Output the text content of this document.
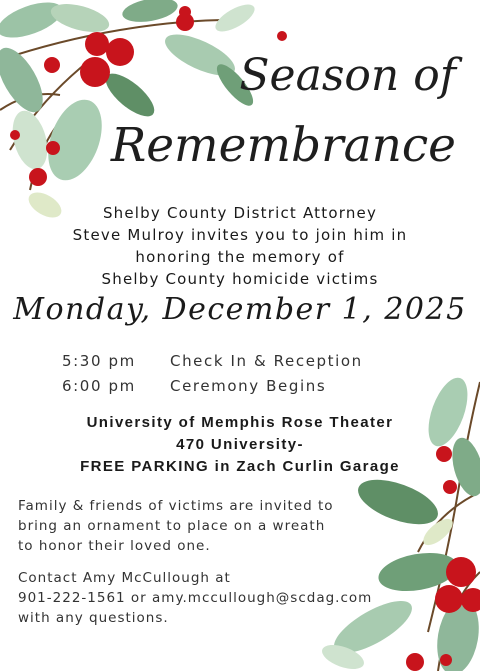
Season of
Remembrance
Shelby County District Attorney
Steve Mulroy invites you to join him in
honoring the memory of
Shelby County homicide victims
Monday, December 1, 2025
5:30 pm Check In & Reception
6:00 pm Ceremony Begins
University of Memphis Rose Theater
470 University-
FREE PARKING in Zach Curlin Garage
Family & friends of victims are invited to
bring an ornament to place on a wreath
to honor their loved one.
Contact Amy McCullough at
901-222-1561 or amy.mccullough@scdag.com
with any questions.
